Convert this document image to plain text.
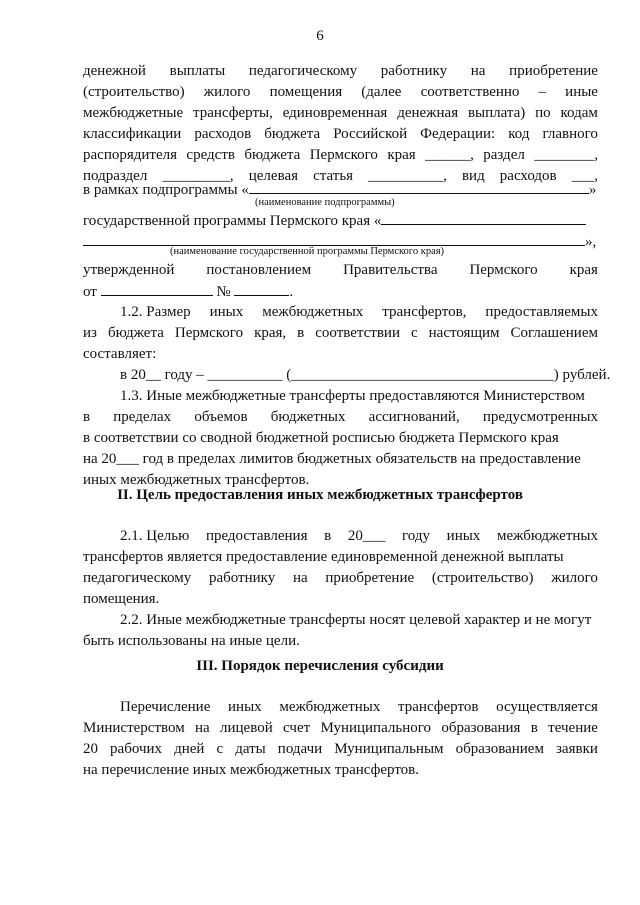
6
денежной выплаты педагогическому работнику на приобретение
(строительство) жилого помещения (далее соответственно – иные
межбюджетные трансферты, единовременная денежная выплата) по кодам
классификации расходов бюджета Российской Федерации: код главного
распорядителя средств бюджета Пермского края ______, раздел ________,
подраздел _________, целевая статья __________, вид расходов ___,
в рамках подпрограммы «	»
(наименование подпрограммы)
государственной программы Пермского края «
»,
(наименование государственной программы Пермского края)
утвержденной постановлением Правительства Пермского края
от	№	.
1.2. Размер иных межбюджетных трансфертов, предоставляемых
из бюджета Пермского края, в соответствии с настоящим Соглашением
составляет:
в 20__ году – __________ (___________________________________) рублей.
1.3. Иные межбюджетные трансферты предоставляются Министерством
в пределах объемов бюджетных ассигнований, предусмотренных
в соответствии со сводной бюджетной росписью бюджета Пермского края
на 20___ год в пределах лимитов бюджетных обязательств на предоставление
иных межбюджетных трансфертов.
II. Цель предоставления иных межбюджетных трансфертов
2.1. Целью предоставления в 20___ году иных межбюджетных
трансфертов является предоставление единовременной денежной выплаты
педагогическому работнику на приобретение (строительство) жилого
помещения.
2.2. Иные межбюджетные трансферты носят целевой характер и не могут
быть использованы на иные цели.
III. Порядок перечисления субсидии
Перечисление иных межбюджетных трансфертов осуществляется
Министерством на лицевой счет Муниципального образования в течение
20 рабочих дней с даты подачи Муниципальным образованием заявки
на перечисление иных межбюджетных трансфертов.
